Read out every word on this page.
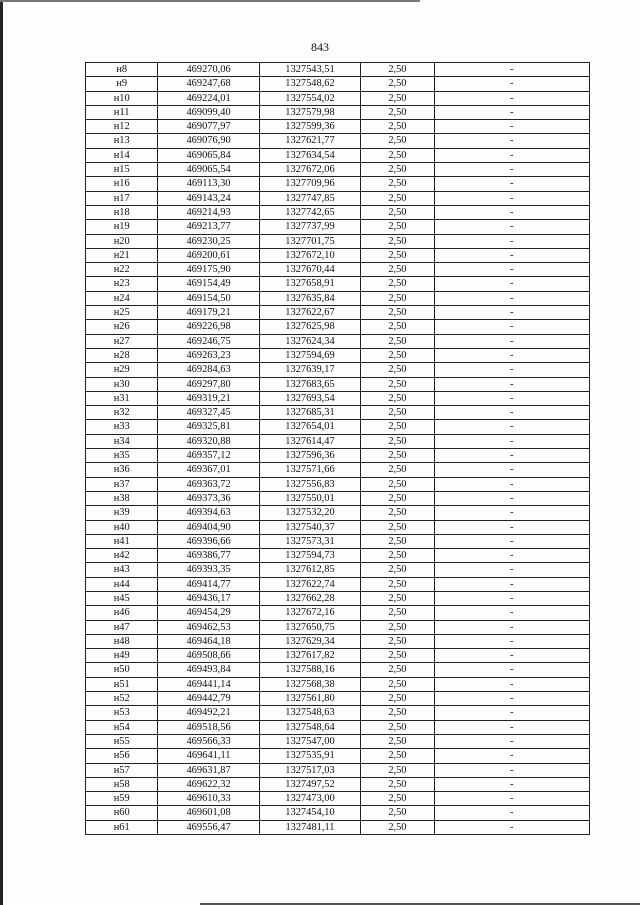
843
н8	469270,06	1327543,51	2,50	-
н9	469247,68	1327548,62	2,50	-
н10	469224,01	1327554,02	2,50	-
н11	469099,40	1327579,98	2,50	-
н12	469077,97	1327599,36	2,50	-
н13	469076,90	1327621,77	2,50	-
н14	469065,84	1327634,54	2,50	-
н15	469065,54	1327672,06	2,50	-
н16	469113,30	1327709,96	2,50	-
н17	469143,24	1327747,85	2,50	-
н18	469214,93	1327742,65	2,50	-
н19	469213,77	1327737,99	2,50	-
н20	469230,25	1327701,75	2,50	-
н21	469200,61	1327672,10	2,50	-
н22	469175,90	1327670,44	2,50	-
н23	469154,49	1327658,91	2,50	-
н24	469154,50	1327635,84	2,50	-
н25	469179,21	1327622,67	2,50	-
н26	469226,98	1327625,98	2,50	-
н27	469246,75	1327624,34	2,50	-
н28	469263,23	1327594,69	2,50	-
н29	469284,63	1327639,17	2,50	-
н30	469297,80	1327683,65	2,50	-
н31	469319,21	1327693,54	2,50	-
н32	469327,45	1327685,31	2,50	-
н33	469325,81	1327654,01	2,50	-
н34	469320,88	1327614,47	2,50	-
н35	469357,12	1327596,36	2,50	-
н36	469367,01	1327571,66	2,50	-
н37	469363,72	1327556,83	2,50	-
н38	469373,36	1327550,01	2,50	-
н39	469394,63	1327532,20	2,50	-
н40	469404,90	1327540,37	2,50	-
н41	469396,66	1327573,31	2,50	-
н42	469386,77	1327594,73	2,50	-
н43	469393,35	1327612,85	2,50	-
н44	469414,77	1327622,74	2,50	-
н45	469436,17	1327662,28	2,50	-
н46	469454,29	1327672,16	2,50	-
н47	469462,53	1327650,75	2,50	-
н48	469464,18	1327629,34	2,50	-
н49	469508,66	1327617,82	2,50	-
н50	469493,84	1327588,16	2,50	-
н51	469441,14	1327568,38	2,50	-
н52	469442,79	1327561,80	2,50	-
н53	469492,21	1327548,63	2,50	-
н54	469518,56	1327548,64	2,50	-
н55	469566,33	1327547,00	2,50	-
н56	469641,11	1327535,91	2,50	-
н57	469631,87	1327517,03	2,50	-
н58	469622,32	1327497,52	2,50	-
н59	469610,33	1327473,00	2,50	-
н60	469601,08	1327454,10	2,50	-
н61	469556,47	1327481,11	2,50	-
